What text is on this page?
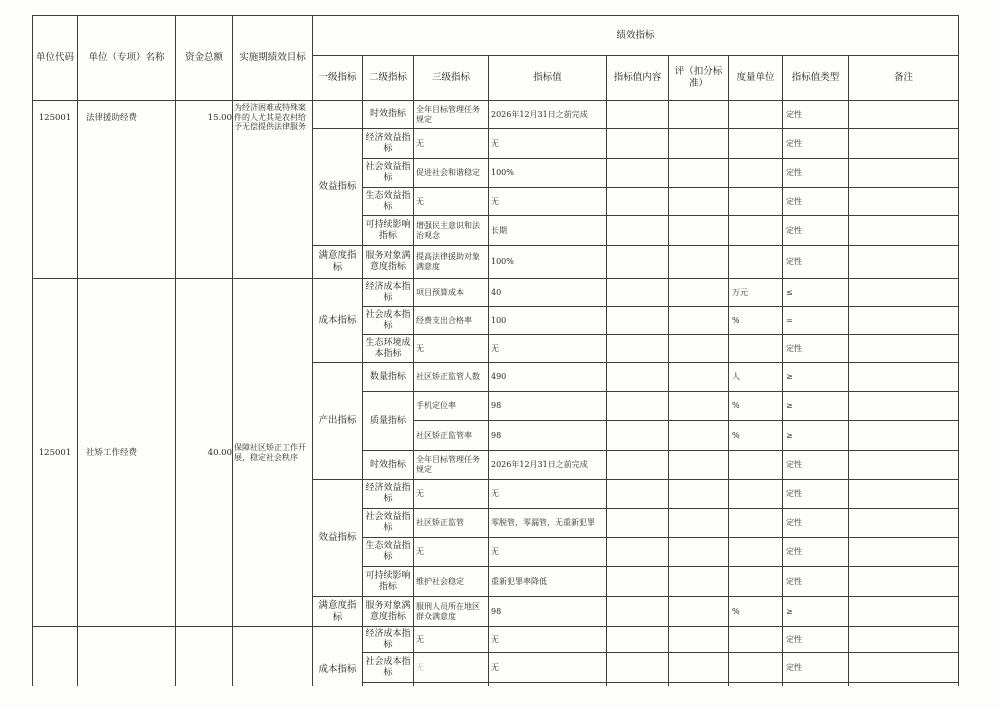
单位代码	单位（专项）名称	资金总额	实施期绩效目标	绩效指标								
				一级指标	二级指标	三级指标	指标值	指标值内容	评（扣分标准）	度量单位	指标值类型	备注
125001	法律援助经费	15.00	为经济困难或特殊案件的人尤其是农村给予无偿提供法律服务		时效指标	全年目标管理任务规定	2026年12月31日之前完成				定性	
				效益指标	经济效益指标	无	无				定性	
					社会效益指标	促进社会和谐稳定	100%				定性	
					生态效益指标	无	无				定性	
					可持续影响指标	增强民主意识和法治观念	长期				定性	
				满意度指标	服务对象满意度指标	提高法律援助对象满意度	100%				定性	
125001	社矫工作经费	40.00	保障社区矫正工作开展，稳定社会秩序	成本指标	经济成本指标	项目预算成本	40			万元	≤	
					社会成本指标	经费支出合格率	100			%	=	
					生态环境成本指标	无	无				定性	
				产出指标	数量指标	社区矫正监管人数	490			人	≥	
					质量指标	手机定位率	98			%	≥	
						社区矫正监管率	98			%	≥	
					时效指标	全年目标管理任务规定	2026年12月31日之前完成				定性	
				效益指标	经济效益指标	无	无				定性	
					社会效益指标	社区矫正监管	零脱管，零漏管，无重新犯罪				定性	
					生态效益指标	无	无				定性	
					可持续影响指标	维护社会稳定	重新犯罪率降低				定性	
				满意度指标	服务对象满意度指标	服刑人员所在地区群众满意度	98			%	≥	
				成本指标	经济成本指标	无	无				定性	
					社会成本指标	无	无				定性	
